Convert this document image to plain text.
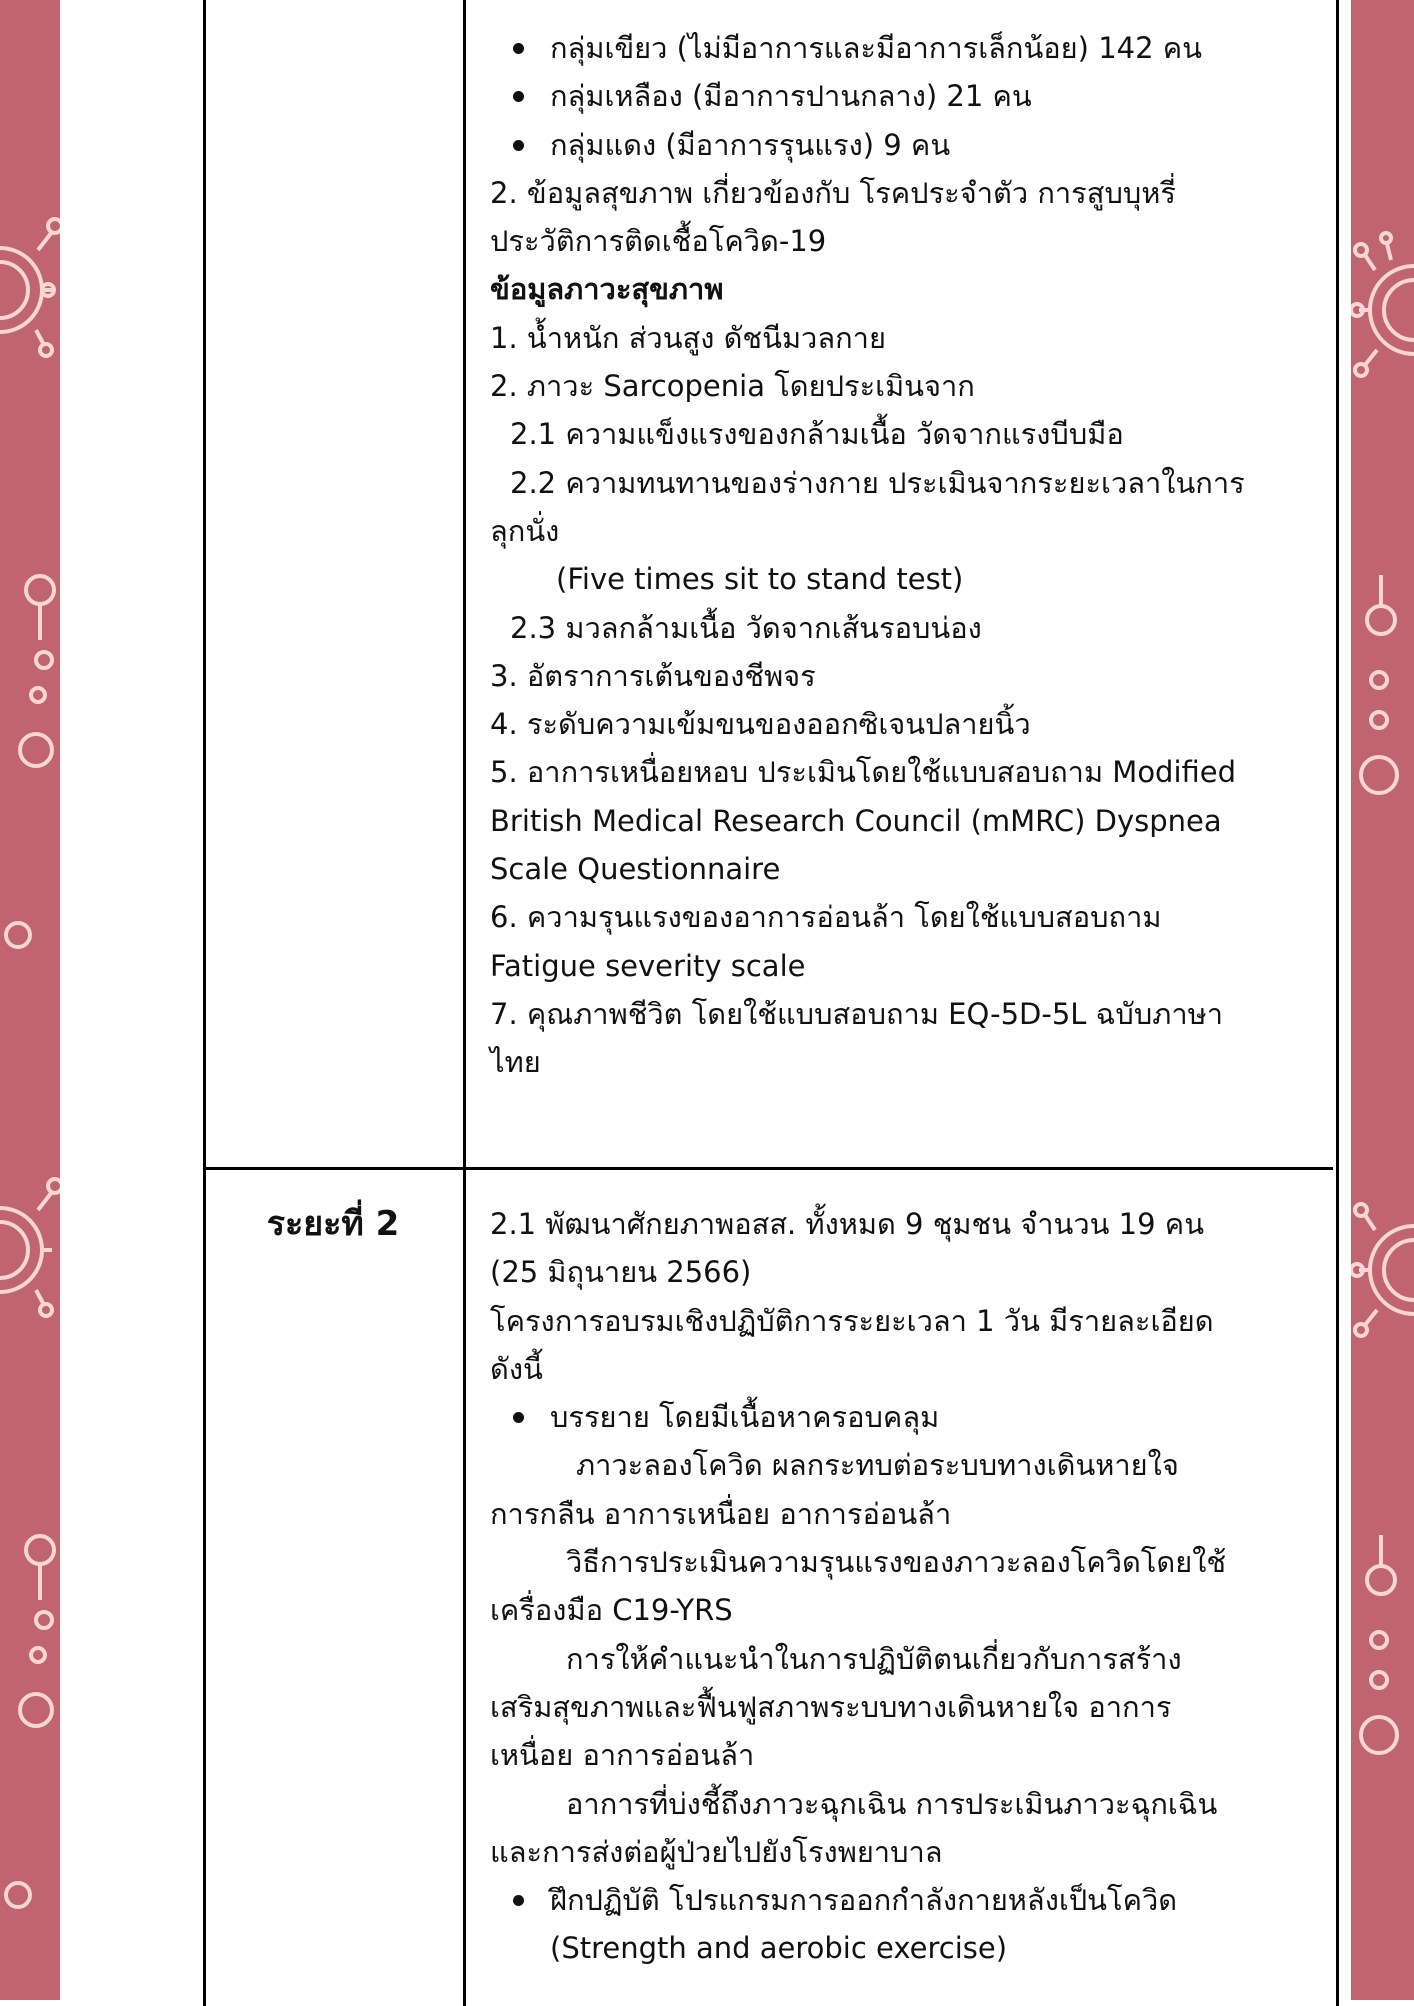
กลุ่มเขียว (ไม่มีอาการและมีอาการเล็กน้อย) 142 คน

กลุ่มเหลือง (มีอาการปานกลาง) 21 คน

กลุ่มแดง (มีอาการรุนแรง) 9 คน

2. ข้อมูลสุขภาพ เกี่ยวข้องกับ โรคประจำตัว การสูบบุหรี่

ประวัติการติดเชื้อโควิด-19

ข้อมูลภาวะสุขภาพ

1. น้ำหนัก ส่วนสูง ดัชนีมวลกาย

2. ภาวะ Sarcopenia โดยประเมินจาก

2.1 ความแข็งแรงของกล้ามเนื้อ วัดจากแรงบีบมือ

2.2 ความทนทานของร่างกาย ประเมินจากระยะเวลาในการ

ลุกนั่ง

(Five times sit to stand test)

2.3 มวลกล้ามเนื้อ วัดจากเส้นรอบน่อง

3. อัตราการเต้นของชีพจร

4. ระดับความเข้มขนของออกซิเจนปลายนิ้ว

5. อาการเหนื่อยหอบ ประเมินโดยใช้แบบสอบถาม Modified

British Medical Research Council (mMRC) Dyspnea

Scale Questionnaire

6. ความรุนแรงของอาการอ่อนล้า โดยใช้แบบสอบถาม

Fatigue severity scale

7. คุณภาพชีวิต โดยใช้แบบสอบถาม EQ-5D-5L ฉบับภาษา

ไทย

ระยะที่ 2	2.1 พัฒนาศักยภาพอสส. ทั้งหมด 9 ชุมชน จำนวน 19 คน

(25 มิถุนายน 2566)

โครงการอบรมเชิงปฏิบัติการระยะเวลา 1 วัน มีรายละเอียด

ดังนี้

บรรยาย โดยมีเนื้อหาครอบคลุม

ภาวะลองโควิด ผลกระทบต่อระบบทางเดินหายใจ

การกลืน อาการเหนื่อย อาการอ่อนล้า

วิธีการประเมินความรุนแรงของภาวะลองโควิดโดยใช้

เครื่องมือ C19-YRS

การให้คำแนะนำในการปฏิบัติตนเกี่ยวกับการสร้าง

เสริมสุขภาพและฟื้นฟูสภาพระบบทางเดินหายใจ อาการ

เหนื่อย อาการอ่อนล้า

อาการที่บ่งชี้ถึงภาวะฉุกเฉิน การประเมินภาวะฉุกเฉิน

และการส่งต่อผู้ป่วยไปยังโรงพยาบาล

ฝึกปฏิบัติ โปรแกรมการออกกำลังกายหลังเป็นโควิด

(Strength and aerobic exercise)
